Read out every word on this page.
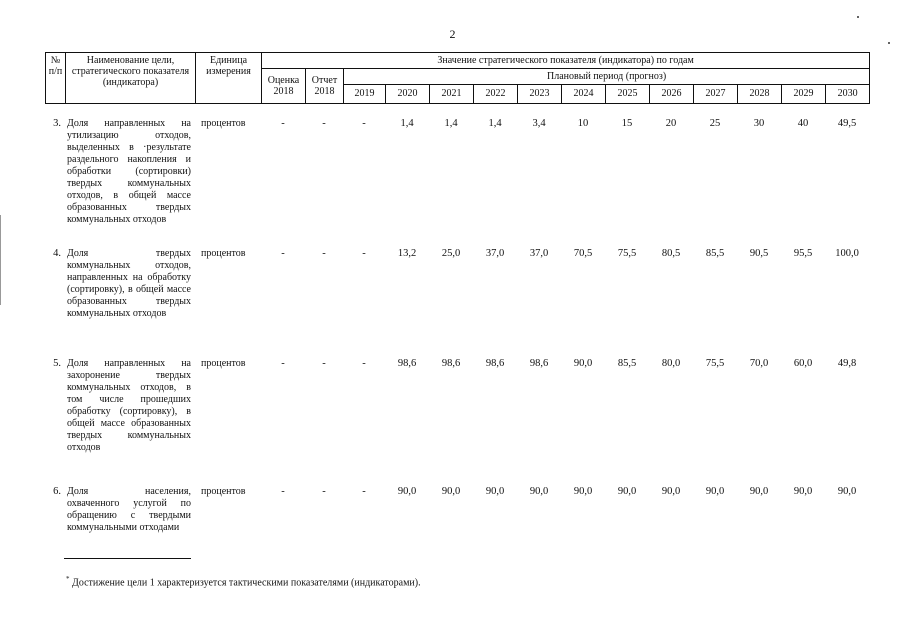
2
№ п/п	Наименование цели, стратегического показателя (индикатора)	Единица измерения	Значение стратегического показателя (индикатора) по годам													
			Оценка 2018	Отчет 2018	Плановый период (прогноз)											
					2019	2020	2021	2022	2023	2024	2025	2026	2027	2028	2029	2030
3.	Доля направленных на утилизацию отходов, выделенных в ·результате раздельного накопления и обработки (сортировки) твердых коммунальных отходов, в общей массе образованных твердых коммунальных отходов	процентов	-	-	-	1,4	1,4	1,4	3,4	10	15	20	25	30	40	49,5
4.	Доля твердых коммунальных отходов, направленных на обработку (сортировку), в общей массе образованных твердых коммунальных отходов	процентов	-	-	-	13,2	25,0	37,0	37,0	70,5	75,5	80,5	85,5	90,5	95,5	100,0
5.	Доля направленных на захоронение твердых коммунальных отходов, в том числе прошедших обработку (сортировку), в общей массе образованных твердых коммунальных отходов	процентов	-	-	-	98,6	98,6	98,6	98,6	90,0	85,5	80,0	75,5	70,0	60,0	49,8
6.	Доля населения, охваченного услугой по обращению с твердыми коммунальными отходами	процентов	-	-	-	90,0	90,0	90,0	90,0	90,0	90,0	90,0	90,0	90,0	90,0	90,0
* Достижение цели 1 характеризуется тактическими показателями (индикаторами).
